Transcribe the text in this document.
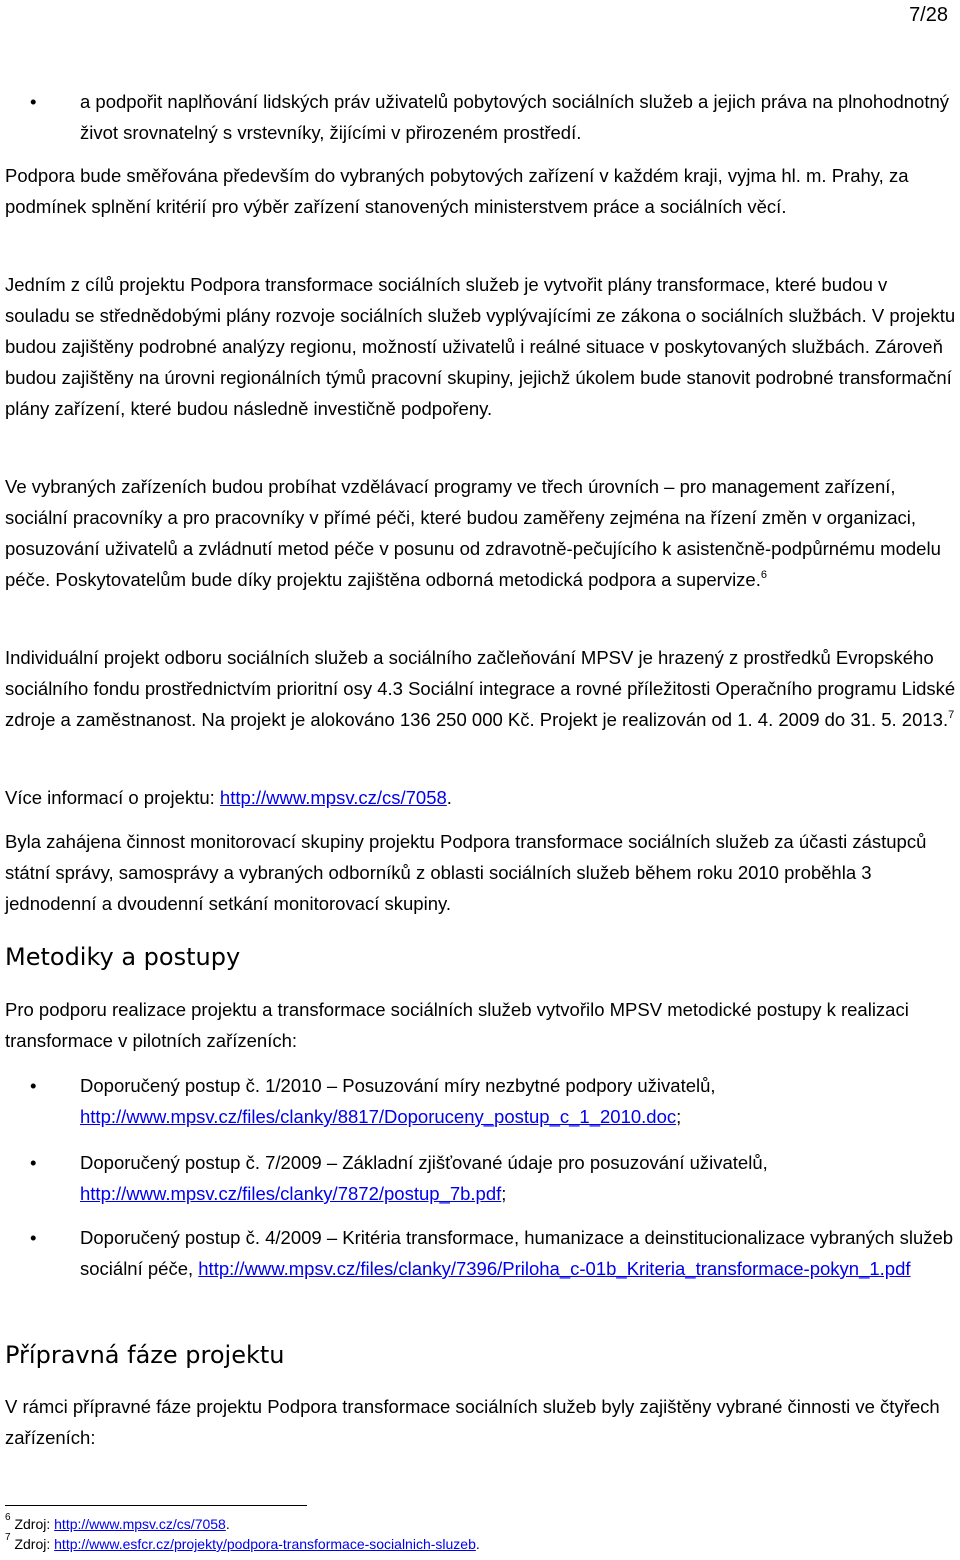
7/28
• a podpořit naplňování lidských práv uživatelů pobytových sociálních služeb a jejich práva na plnohodnotný život srovnatelný s vrstevníky, žijícími v přirozeném prostředí.

Podpora bude směřována především do vybraných pobytových zařízení v každém kraji, vyjma hl. m. Prahy, za podmínek splnění kritérií pro výběr zařízení stanovených ministerstvem práce a sociálních věcí.

Jedním z cílů projektu Podpora transformace sociálních služeb je vytvořit plány transformace, které budou v souladu se střednědobými plány rozvoje sociálních služeb vyplývajícími ze zákona o sociálních službách. V projektu budou zajištěny podrobné analýzy regionu, možností uživatelů i reálné situace v poskytovaných službách. Zároveň budou zajištěny na úrovni regionálních týmů pracovní skupiny, jejichž úkolem bude stanovit podrobné transformační plány zařízení, které budou následně investičně podpořeny.

Ve vybraných zařízeních budou probíhat vzdělávací programy ve třech úrovních – pro management zařízení, sociální pracovníky a pro pracovníky v přímé péči, které budou zaměřeny zejména na řízení změn v organizaci, posuzování uživatelů a zvládnutí metod péče v posunu od zdravotně-pečujícího k asistenčně-podpůrnému modelu péče. Poskytovatelům bude díky projektu zajištěna odborná metodická podpora a supervize.$^6$

Individuální projekt odboru sociálních služeb a sociálního začleňování MPSV je hrazený z prostředků Evropského sociálního fondu prostřednictvím prioritní osy 4.3 Sociální integrace a rovné příležitosti Operačního programu Lidské zdroje a zaměstnanost. Na projekt je alokováno 136 250 000 Kč. Projekt je realizován od 1. 4. 2009 do 31. 5. 2013.$^7$

Více informací o projektu: http://www.mpsv.cz/cs/7058.

Byla zahájena činnost monitorovací skupiny projektu Podpora transformace sociálních služeb za účasti zástupců státní správy, samosprávy a vybraných odborníků z oblasti sociálních služeb během roku 2010 proběhla 3 jednodenní a dvoudenní setkání monitorovací skupiny.

Metodiky a postupy

Pro podporu realizace projektu a transformace sociálních služeb vytvořilo MPSV metodické postupy k realizaci transformace v pilotních zařízeních:

• Doporučený postup č. 1/2010 – Posuzování míry nezbytné podpory uživatelů, http://www.mpsv.cz/files/clanky/8817/Doporuceny_postup_c_1_2010.doc;
• Doporučený postup č. 7/2009 – Základní zjišťované údaje pro posuzování uživatelů, http://www.mpsv.cz/files/clanky/7872/postup_7b.pdf;
• Doporučený postup č. 4/2009 – Kritéria transformace, humanizace a deinstitucionalizace vybraných služeb sociální péče, http://www.mpsv.cz/files/clanky/7396/Priloha_c-01b_Kriteria_transformace-pokyn_1.pdf
Přípravná fáze projektu

V rámci přípravné fáze projektu Podpora transformace sociálních služeb byly zajištěny vybrané činnosti ve čtyřech zařízeních:

$^6$ Zdroj: http://www.mpsv.cz/cs/7058.
$^7$ Zdroj: http://www.esfcr.cz/projekty/podpora-transformace-socialnich-sluzeb.
